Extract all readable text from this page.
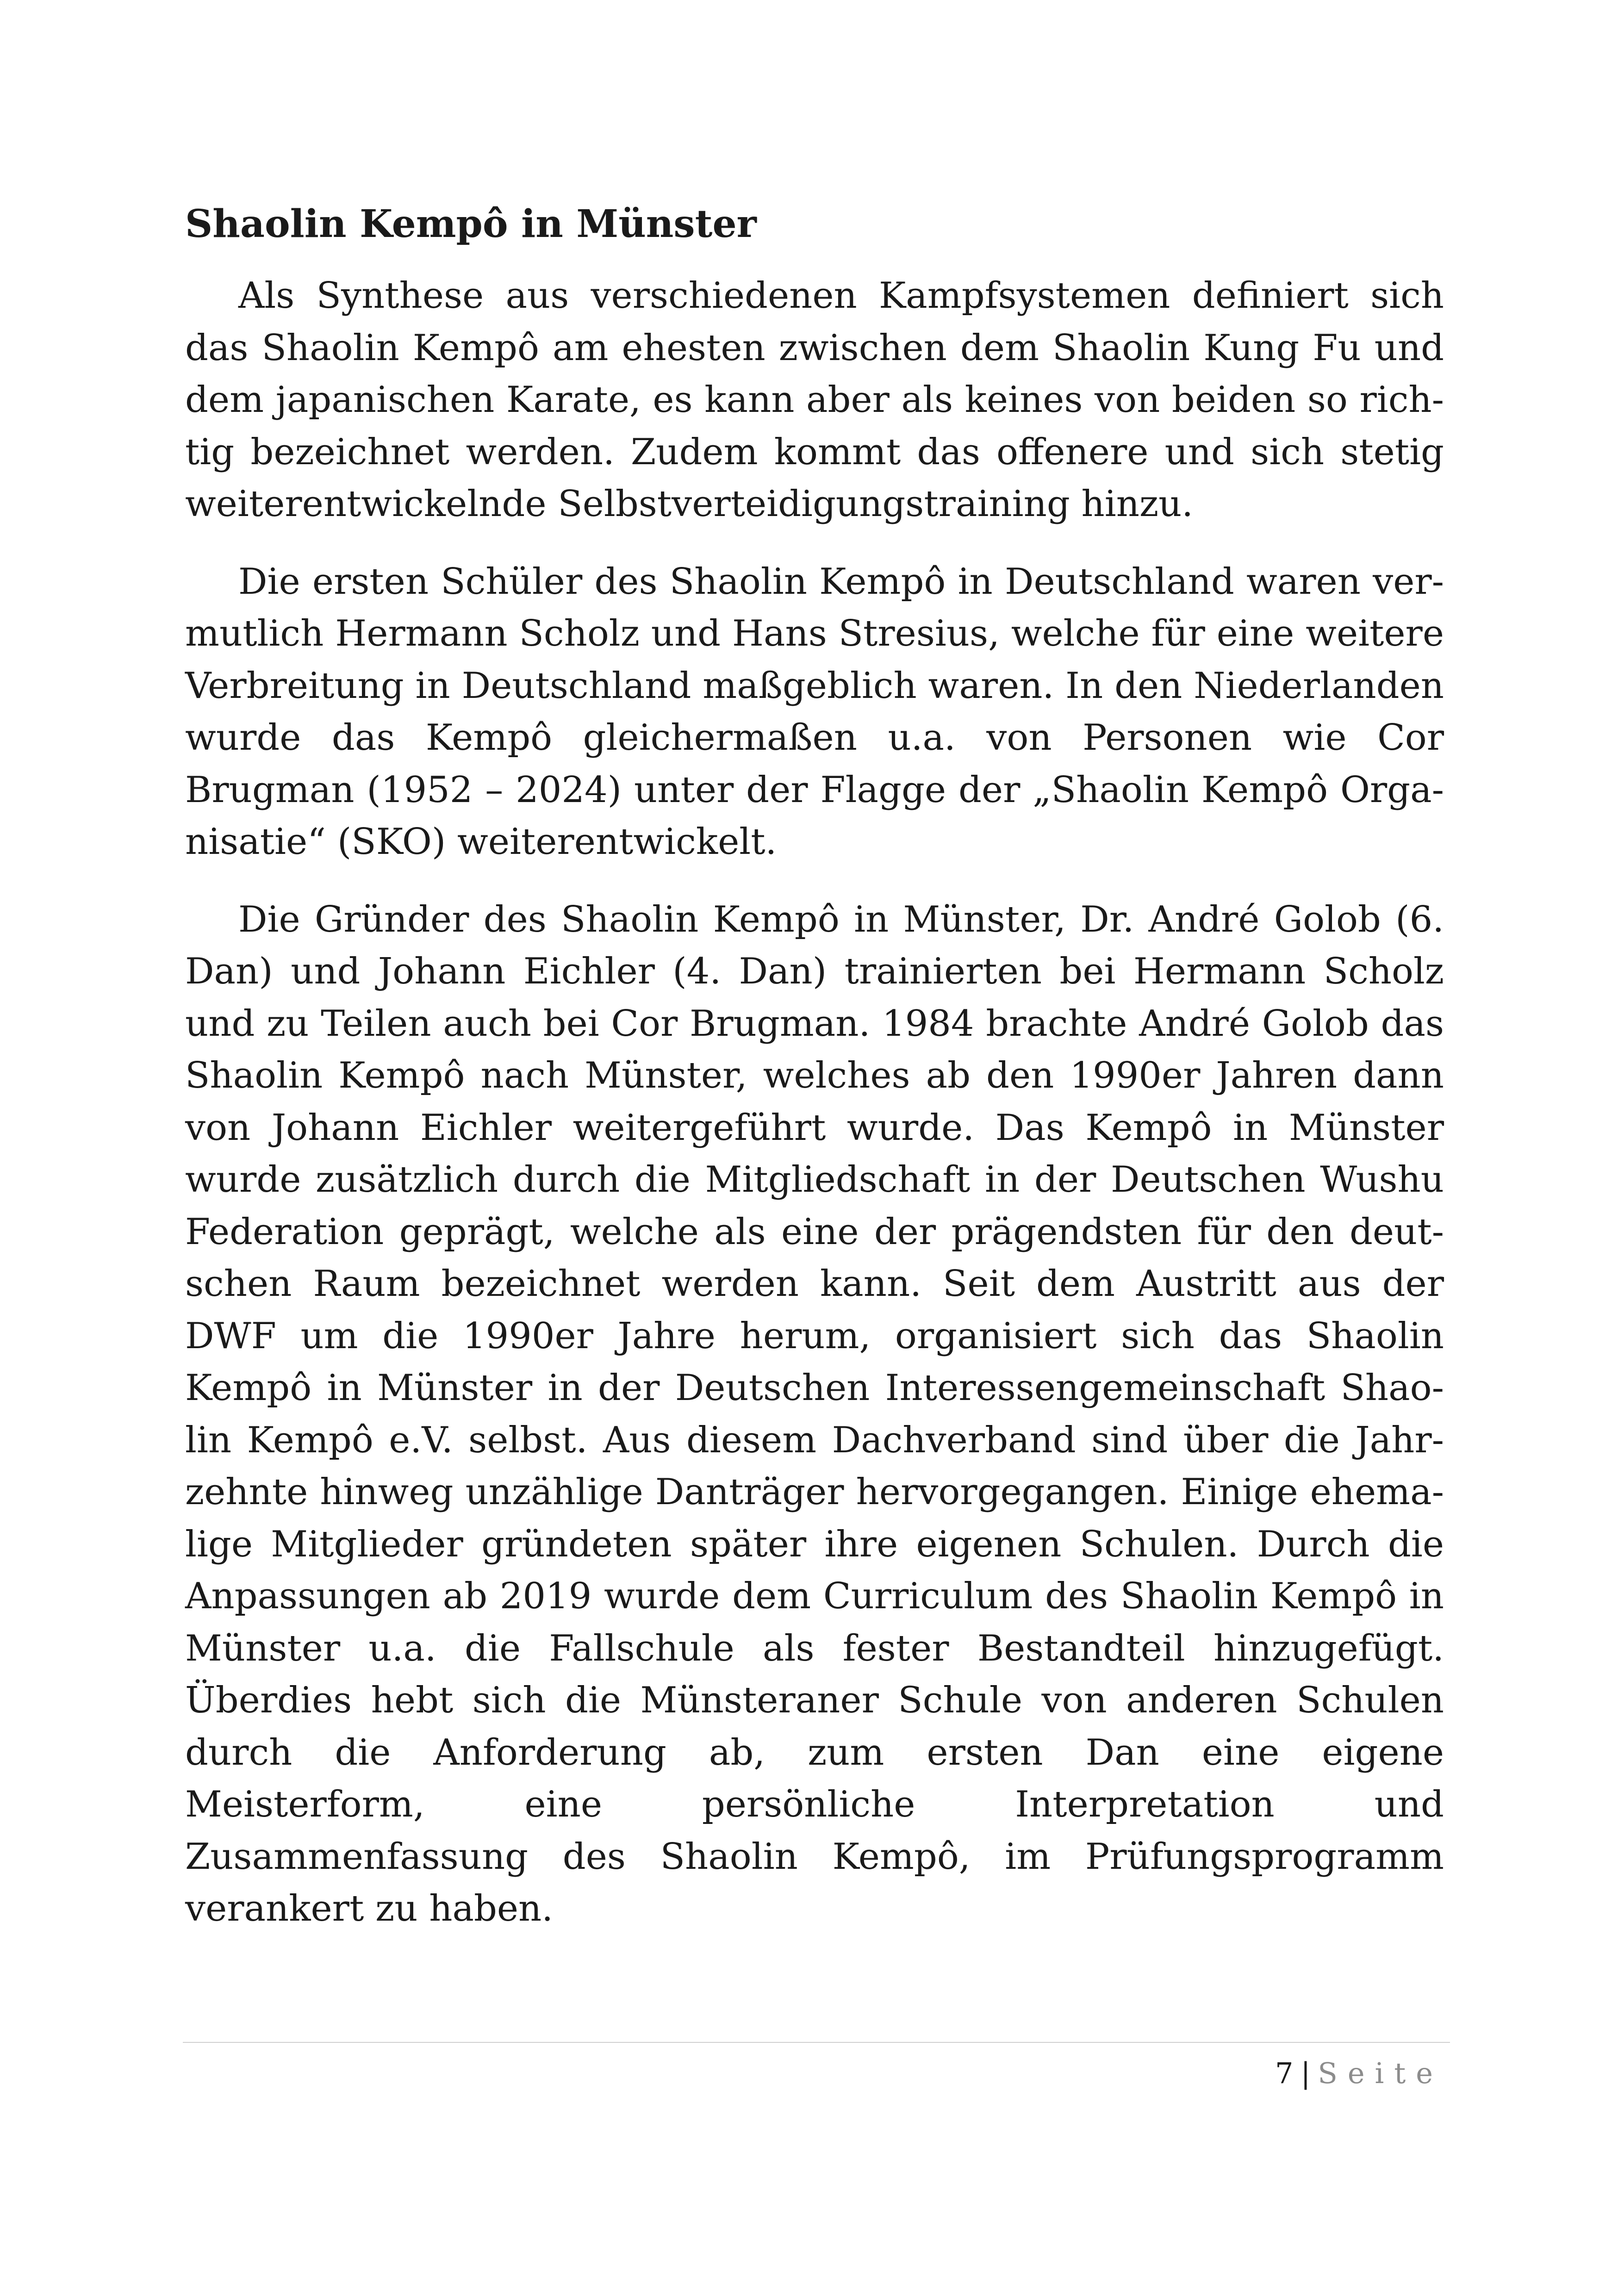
Shaolin Kempô in Münster

Als Synthese aus verschiedenen Kampfsystemen definiert sich das Shaolin Kempô am ehesten zwischen dem Shaolin Kung Fu und dem japanischen Karate, es kann aber als keines von beiden so richtig bezeichnet werden. Zudem kommt das offenere und sich stetig weiterentwickelnde Selbstverteidigungstraining hinzu.

Die ersten Schüler des Shaolin Kempô in Deutschland waren vermutlich Hermann Scholz und Hans Stresius, welche für eine weitere Verbreitung in Deutschland maßgeblich waren. In den Niederlanden wurde das Kempô gleichermaßen u.a. von Personen wie Cor Brugman (1952 – 2024) unter der Flagge der „Shaolin Kempô Organisatie“ (SKO) weiterentwickelt.

Die Gründer des Shaolin Kempô in Münster, Dr. André Golob (6. Dan) und Johann Eichler (4. Dan) trainierten bei Hermann Scholz und zu Teilen auch bei Cor Brugman. 1984 brachte André Golob das Shaolin Kempô nach Münster, welches ab den 1990er Jahren dann von Johann Eichler weitergeführt wurde. Das Kempô in Münster wurde zusätzlich durch die Mitgliedschaft in der Deutschen Wushu Federation geprägt, welche als eine der prägendsten für den deutschen Raum bezeichnet werden kann. Seit dem Austritt aus der DWF um die 1990er Jahre herum, organisiert sich das Shaolin Kempô in Münster in der Deutschen Interessengemeinschaft Shaolin Kempô e.V. selbst. Aus diesem Dachverband sind über die Jahrzehnte hinweg unzählige Danträger hervorgegangen. Einige ehemalige Mitglieder gründeten später ihre eigenen Schulen. Durch die Anpassungen ab 2019 wurde dem Curriculum des Shaolin Kempô in Münster u.a. die Fallschule als fester Bestandteil hinzugefügt. Überdies hebt sich die Münsteraner Schule von anderen Schulen durch die Anforderung ab, zum ersten Dan eine eigene Meisterform, eine persönliche Interpretation und Zusammenfassung des Shaolin Kempô, im Prüfungsprogramm verankert zu haben.

7 | Seite
